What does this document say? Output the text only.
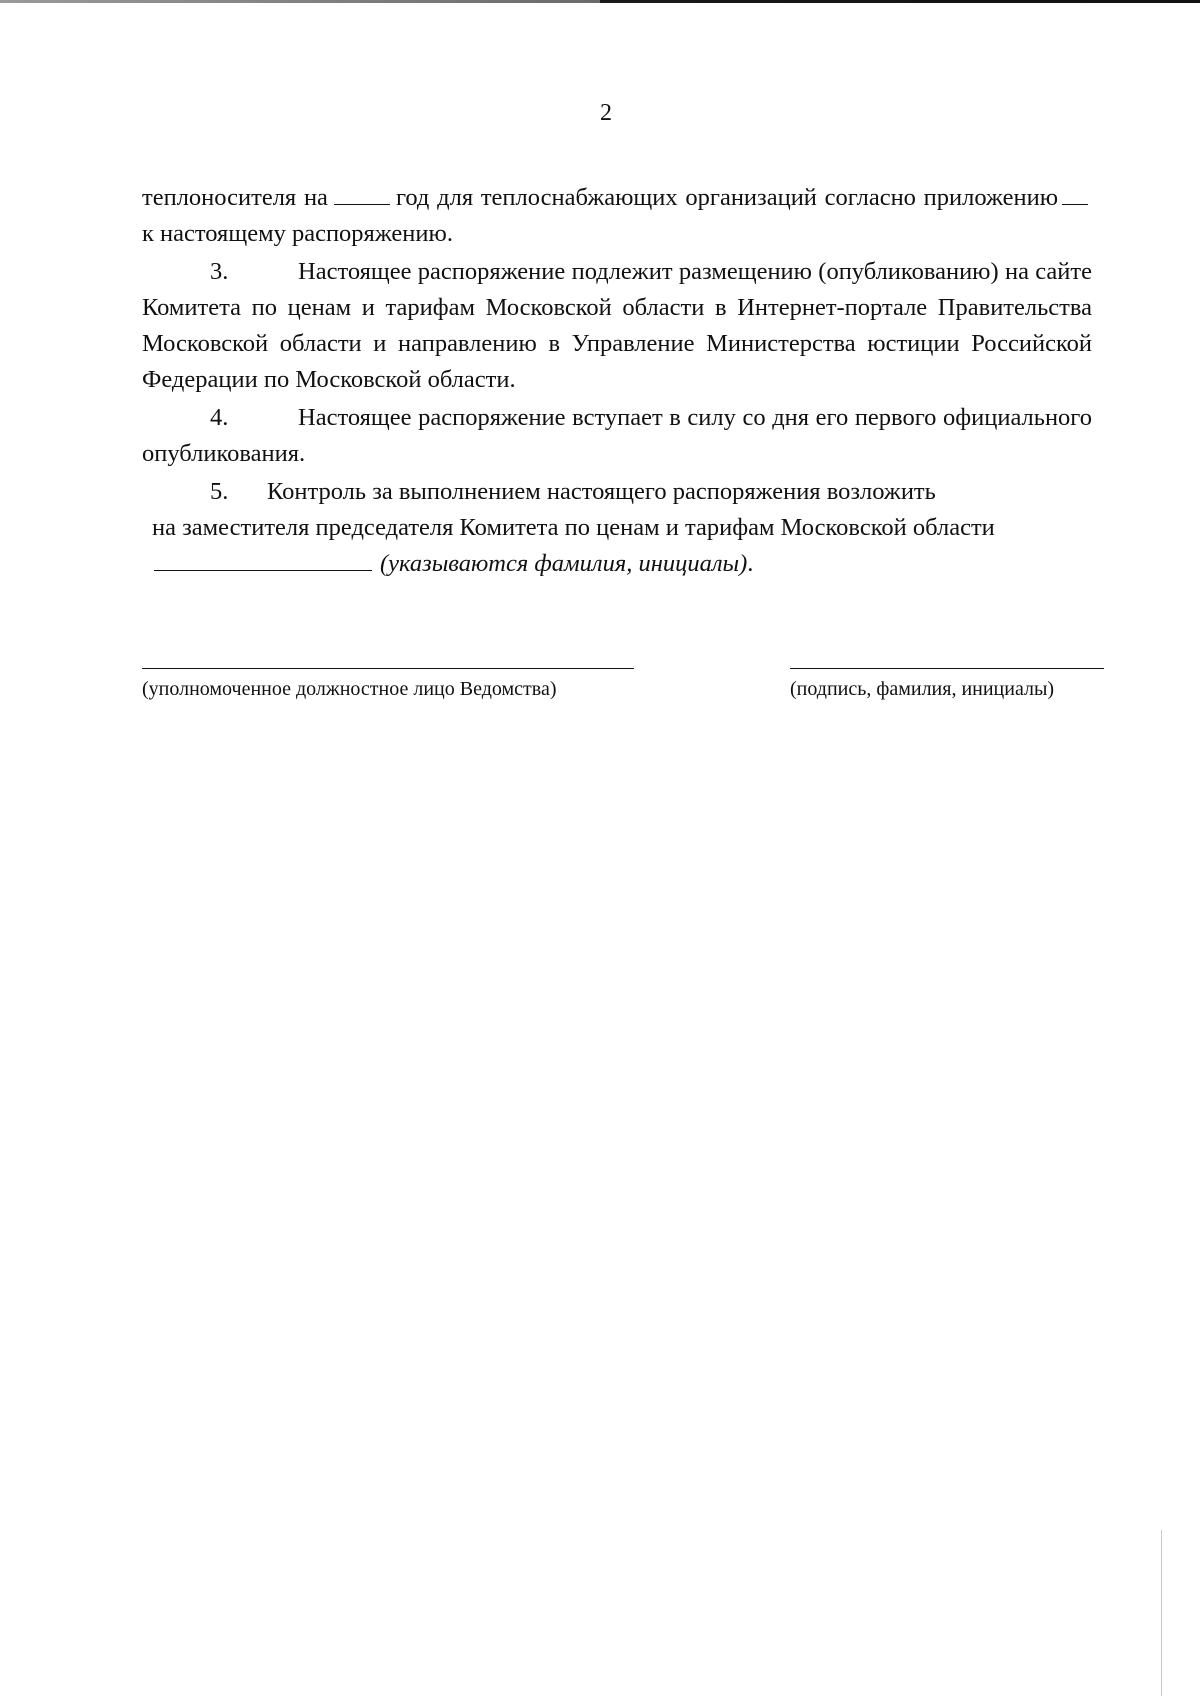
2

теплоносителя на	год для теплоснабжающих организаций согласно приложениюк настоящему распоряжению.

3.	Настоящее распоряжение подлежит размещению (опубликованию) на сайте Комитета по ценам и тарифам Московской области в Интернет-портале Правительства Московской области и направлению в Управление Министерства юстиции Российской Федерации по Московской области.

4.	Настоящее распоряжение вступает в силу со дня его первого официального опубликования.

5. Контроль за выполнением настоящего распоряжения возложить

на заместителя председателя Комитета по ценам и тарифам Московской области

(указываются фамилия, инициалы).

(уполномоченное должностное лицо Ведомства)	(подпись, фамилия, инициалы)
